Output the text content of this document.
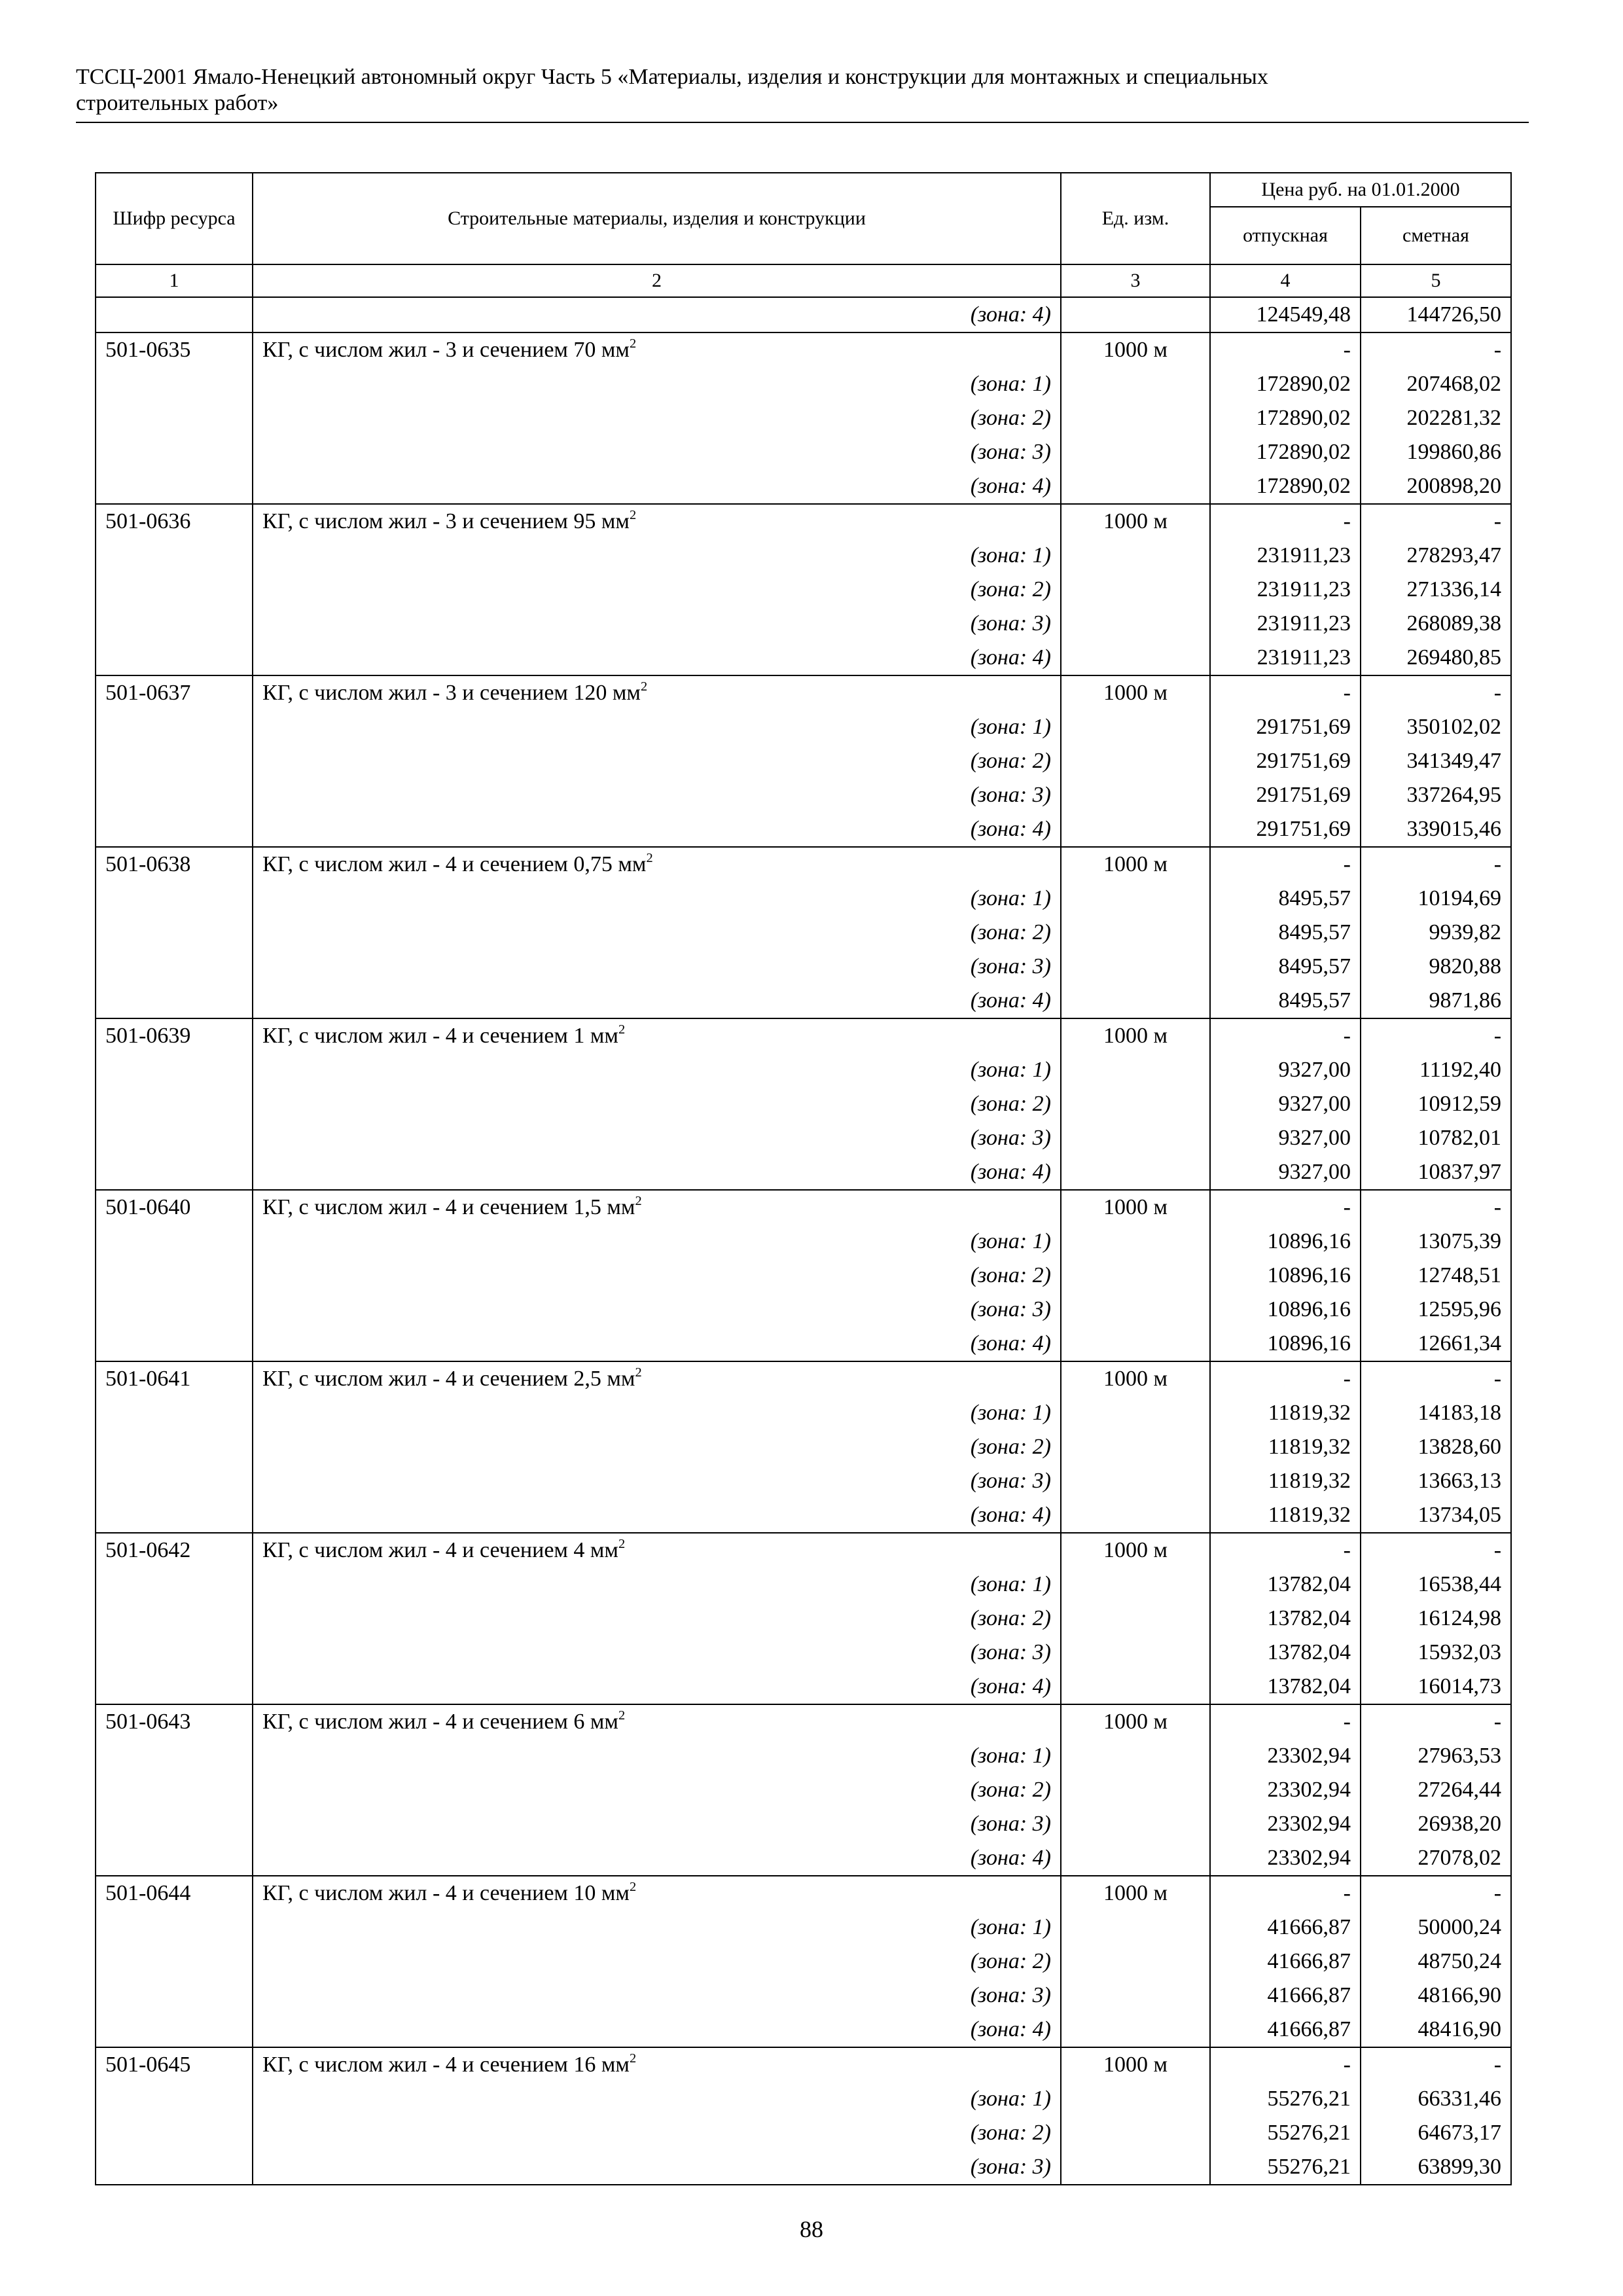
ТССЦ-2001 Ямало-Ненецкий автономный округ Часть 5 «Материалы, изделия и конструкции для монтажных и специальных
строительных работ»
Шифр ресурса	Строительные материалы, изделия и конструкции	Ед. изм.	Цена руб. на 01.01.2000	
			отпускная	сметная
1	2	3	4	5
	(зона: 4)		124549,48	144726,50
501-0635	КГ, с числом жил - 3 и сечением 70 $мм^2$	1000 м	-	-
	(зона: 1)		172890,02	207468,02
	(зона: 2)		172890,02	202281,32
	(зона: 3)		172890,02	199860,86
	(зона: 4)		172890,02	200898,20
501-0636	КГ, с числом жил - 3 и сечением 95 $мм^2$	1000 м	-	-
	(зона: 1)		231911,23	278293,47
	(зона: 2)		231911,23	271336,14
	(зона: 3)		231911,23	268089,38
	(зона: 4)		231911,23	269480,85
501-0637	КГ, с числом жил - 3 и сечением 120 $мм^2$	1000 м	-	-
	(зона: 1)		291751,69	350102,02
	(зона: 2)		291751,69	341349,47
	(зона: 3)		291751,69	337264,95
	(зона: 4)		291751,69	339015,46
501-0638	КГ, с числом жил - 4 и сечением 0,75 $мм^2$	1000 м	-	-
	(зона: 1)		8495,57	10194,69
	(зона: 2)		8495,57	9939,82
	(зона: 3)		8495,57	9820,88
	(зона: 4)		8495,57	9871,86
501-0639	КГ, с числом жил - 4 и сечением 1 $мм^2$	1000 м	-	-
	(зона: 1)		9327,00	11192,40
	(зона: 2)		9327,00	10912,59
	(зона: 3)		9327,00	10782,01
	(зона: 4)		9327,00	10837,97
501-0640	КГ, с числом жил - 4 и сечением 1,5 $мм^2$	1000 м	-	-
	(зона: 1)		10896,16	13075,39
	(зона: 2)		10896,16	12748,51
	(зона: 3)		10896,16	12595,96
	(зона: 4)		10896,16	12661,34
501-0641	КГ, с числом жил - 4 и сечением 2,5 $мм^2$	1000 м	-	-
	(зона: 1)		11819,32	14183,18
	(зона: 2)		11819,32	13828,60
	(зона: 3)		11819,32	13663,13
	(зона: 4)		11819,32	13734,05
501-0642	КГ, с числом жил - 4 и сечением 4 $мм^2$	1000 м	-	-
	(зона: 1)		13782,04	16538,44
	(зона: 2)		13782,04	16124,98
	(зона: 3)		13782,04	15932,03
	(зона: 4)		13782,04	16014,73
501-0643	КГ, с числом жил - 4 и сечением 6 $мм^2$	1000 м	-	-
	(зона: 1)		23302,94	27963,53
	(зона: 2)		23302,94	27264,44
	(зона: 3)		23302,94	26938,20
	(зона: 4)		23302,94	27078,02
501-0644	КГ, с числом жил - 4 и сечением 10 $мм^2$	1000 м	-	-
	(зона: 1)		41666,87	50000,24
	(зона: 2)		41666,87	48750,24
	(зона: 3)		41666,87	48166,90
	(зона: 4)		41666,87	48416,90
501-0645	КГ, с числом жил - 4 и сечением 16 $мм^2$	1000 м	-	-
	(зона: 1)		55276,21	66331,46
	(зона: 2)		55276,21	64673,17
	(зона: 3)		55276,21	63899,30
88
